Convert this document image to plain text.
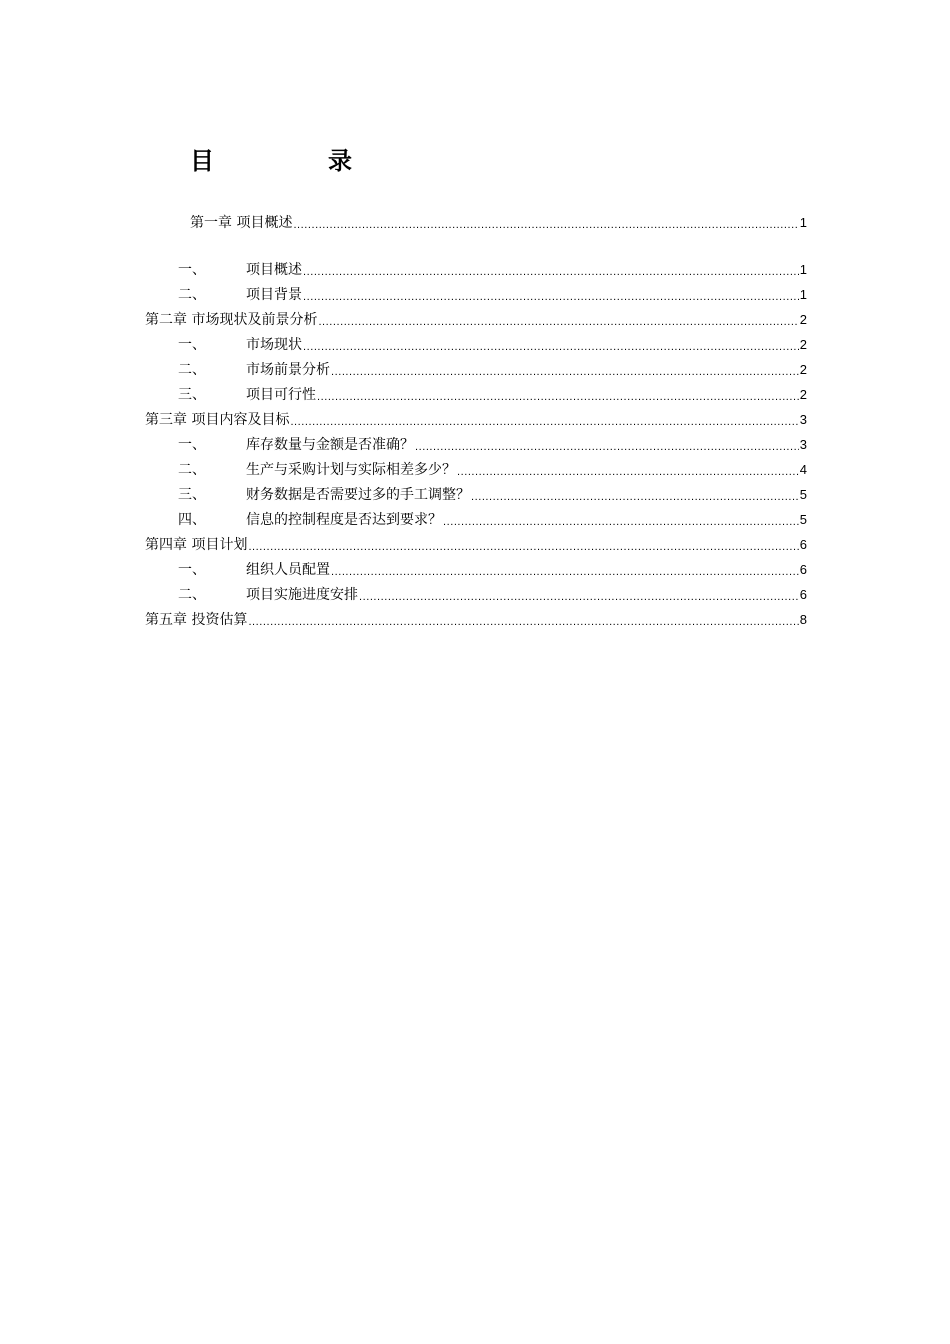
目	录
第一章 项目概述 .....	1
一、	项目概述 .....	1
二、	项目背景 .....	1
第二章 市场现状及前景分析 .....	2
一、	市场现状 .....	2
二、	市场前景分析 .....	2
三、	项目可行性 .....	2
第三章 项目内容及目标 .....	3
一、	库存数量与金额是否准确？ .....	3
二、	生产与采购计划与实际相差多少？ .....	4
三、	财务数据是否需要过多的手工调整？ .....	5
四、	信息的控制程度是否达到要求？ .....	5
第四章 项目计划 .....	6
一、	组织人员配置 .....	6
二、	项目实施进度安排 .....	6
第五章 投资估算 .....	8
